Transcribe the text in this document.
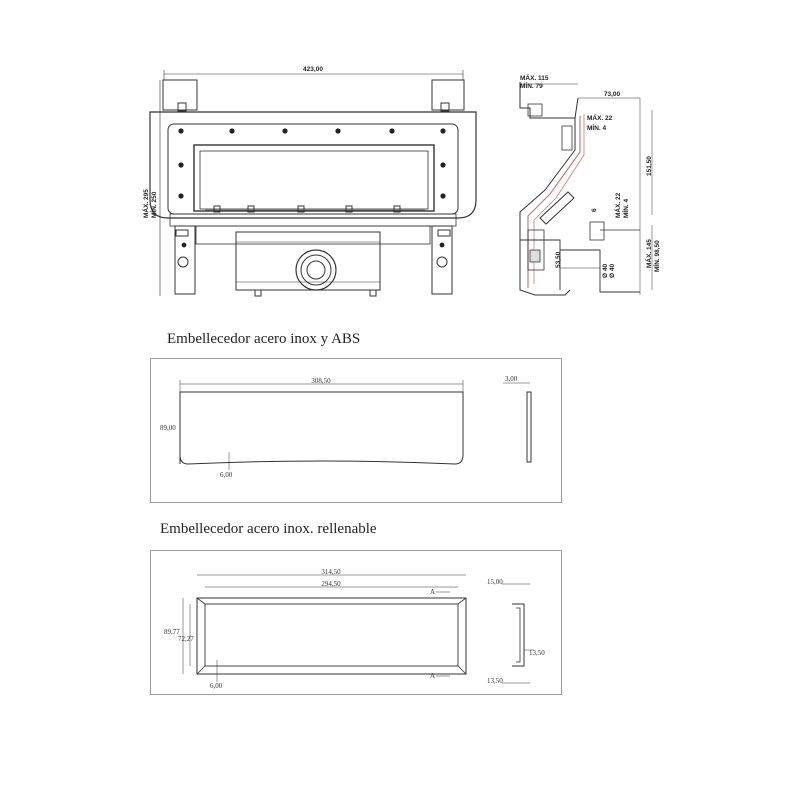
423,00
MÁX. 295 MÍN. 250
MÁX. 115
MÍN. 79
73,00
MÁX. 22
MÍN. 4
151,50
MÁX. 22 MÍN. 4
6
53,50
Ø 40 Ø 40
MÁX. 145 MÍN. 98,50
Embellecedor acero inox y ABS
308,50
89,00
3,00
6,00
Embellecedor acero inox. rellenable
314,50
294,50
89,77
72,27
6,00
A
A
15,00
13,50
13,50
